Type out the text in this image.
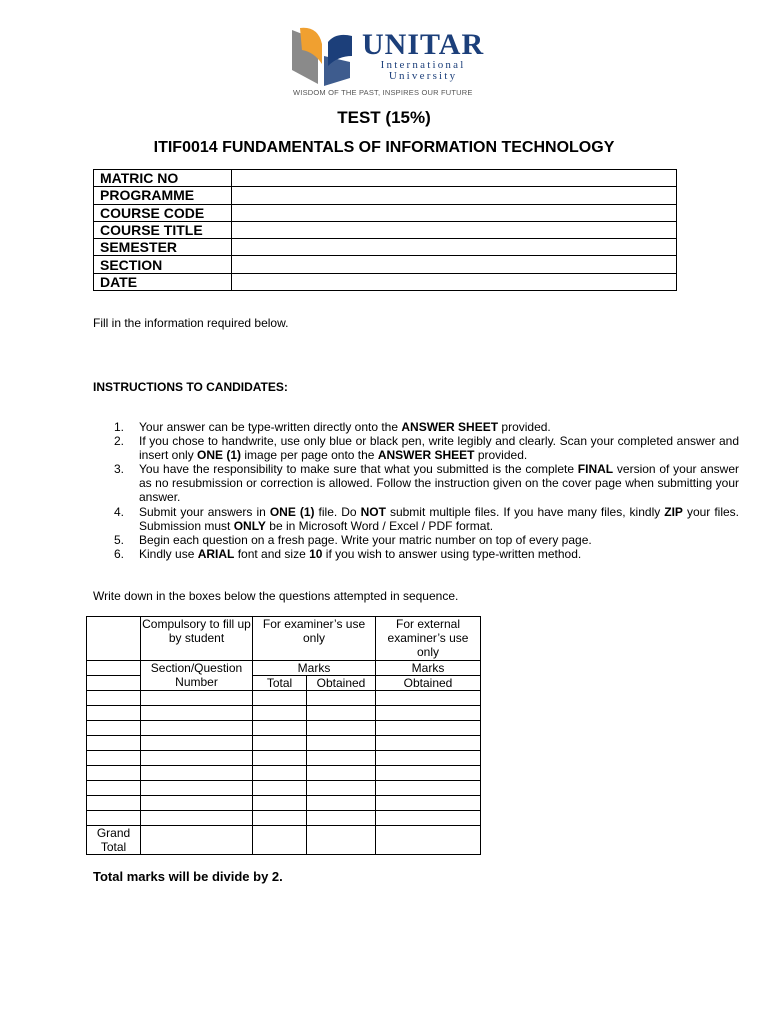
UNITAR
International
University
WISDOM OF THE PAST, INSPIRES OUR FUTURE
TEST (15%)
ITIF0014 FUNDAMENTALS OF INFORMATION TECHNOLOGY
MATRIC NO	
PROGRAMME	
COURSE CODE	
COURSE TITLE	
SEMESTER	
SECTION	
DATE	
Fill in the information required below.
INSTRUCTIONS TO CANDIDATES:
1. Your answer can be type-written directly onto the ANSWER SHEET provided.
2. If you chose to handwrite, use only blue or black pen, write legibly and clearly. Scan your completed answer and insert only ONE (1) image per page onto the ANSWER SHEET provided.
3. You have the responsibility to make sure that what you submitted is the complete FINAL version of your answer as no resubmission or correction is allowed. Follow the instruction given on the cover page when submitting your answer.
4. Submit your answers in ONE (1) file. Do NOT submit multiple files. If you have many files, kindly ZIP your files. Submission must ONLY be in Microsoft Word / Excel / PDF format.
5. Begin each question on a fresh page. Write your matric number on top of every page.
6. Kindly use ARIAL font and size 10 if you wish to answer using type-written method.
Write down in the boxes below the questions attempted in sequence.
	Compulsory to fill up by student	For examiner’s use only		For external examiner’s use only
	Section/Question Number	Marks		Marks
		Total	Obtained	Obtained

Grand Total				
Total marks will be divide by 2.
